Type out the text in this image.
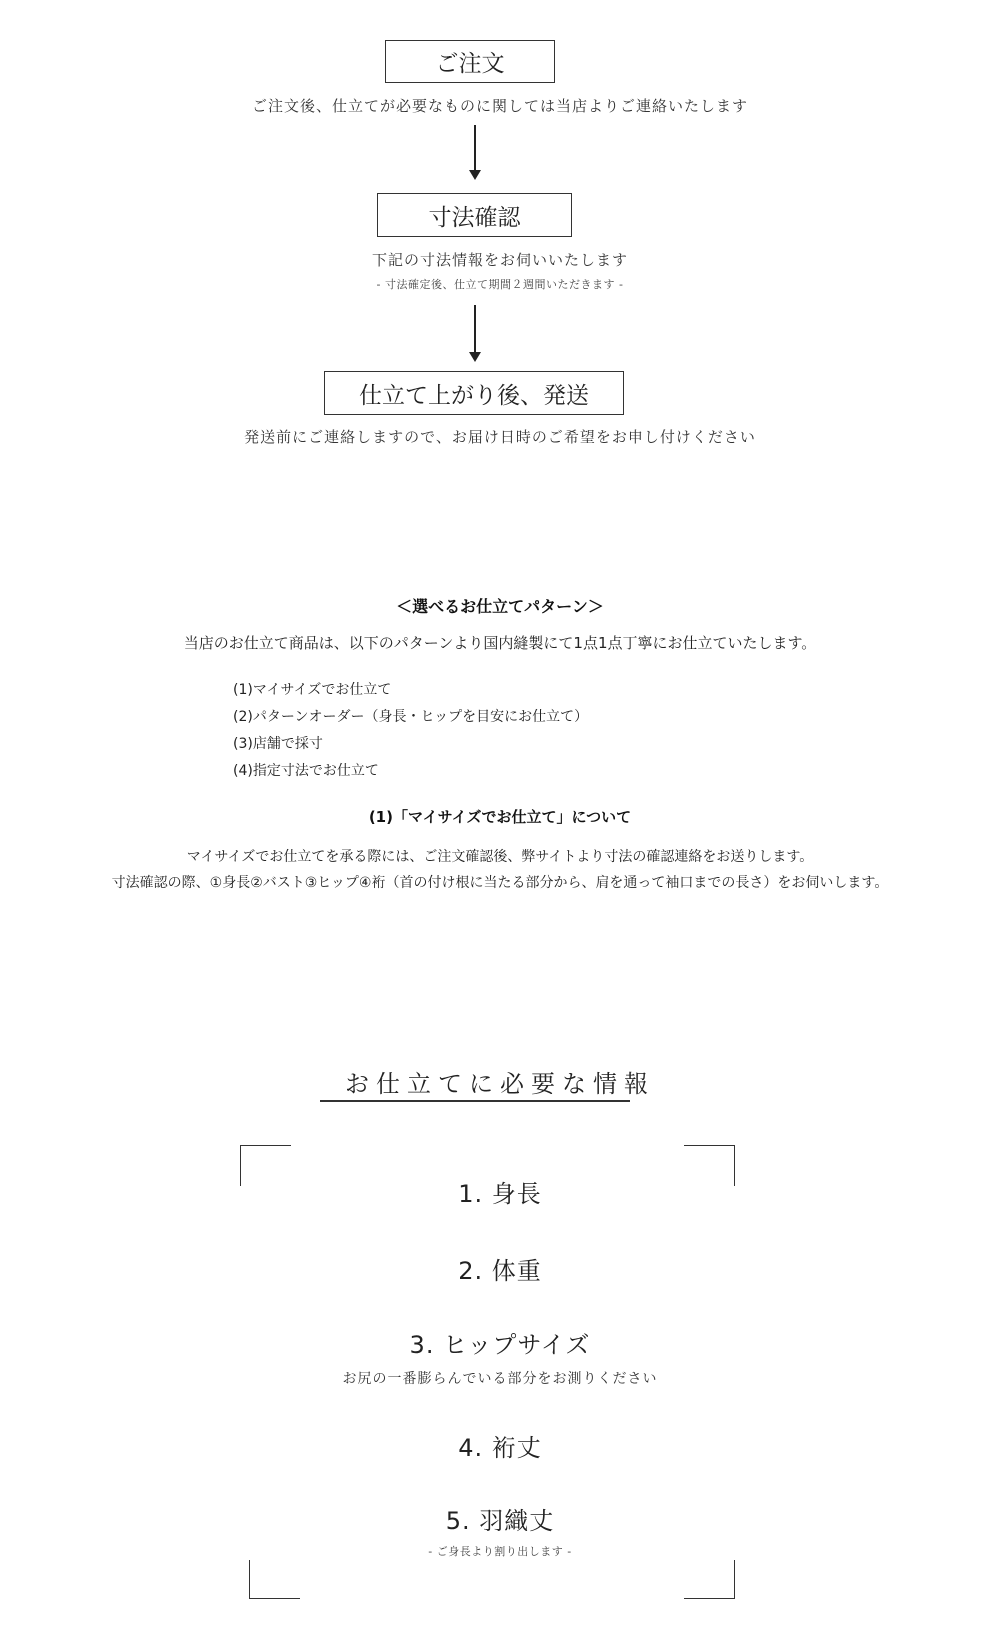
ご注文
ご注文後、仕立てが必要なものに関しては当店よりご連絡いたします
寸法確認
下記の寸法情報をお伺いいたします
- 寸法確定後、仕立て期間２週間いただきます -
仕立て上がり後、発送
発送前にご連絡しますので、お届け日時のご希望をお申し付けください
＜選べるお仕立てパターン＞
当店のお仕立て商品は、以下のパターンより国内縫製にて1点1点丁寧にお仕立ていたします。
(1)マイサイズでお仕立て
(2)パターンオーダー（身長・ヒップを目安にお仕立て）
(3)店舗で採寸
(4)指定寸法でお仕立て
(1)「マイサイズでお仕立て」について
マイサイズでお仕立てを承る際には、ご注文確認後、弊サイトより寸法の確認連絡をお送りします。
寸法確認の際、①身長②バスト③ヒップ④裄（首の付け根に当たる部分から、肩を通って袖口までの長さ）をお伺いします。
お仕立てに必要な情報
1. 身長
2. 体重
3. ヒップサイズ
お尻の一番膨らんでいる部分をお測りください
4. 裄丈
5. 羽織丈
- ご身長より割り出します -
